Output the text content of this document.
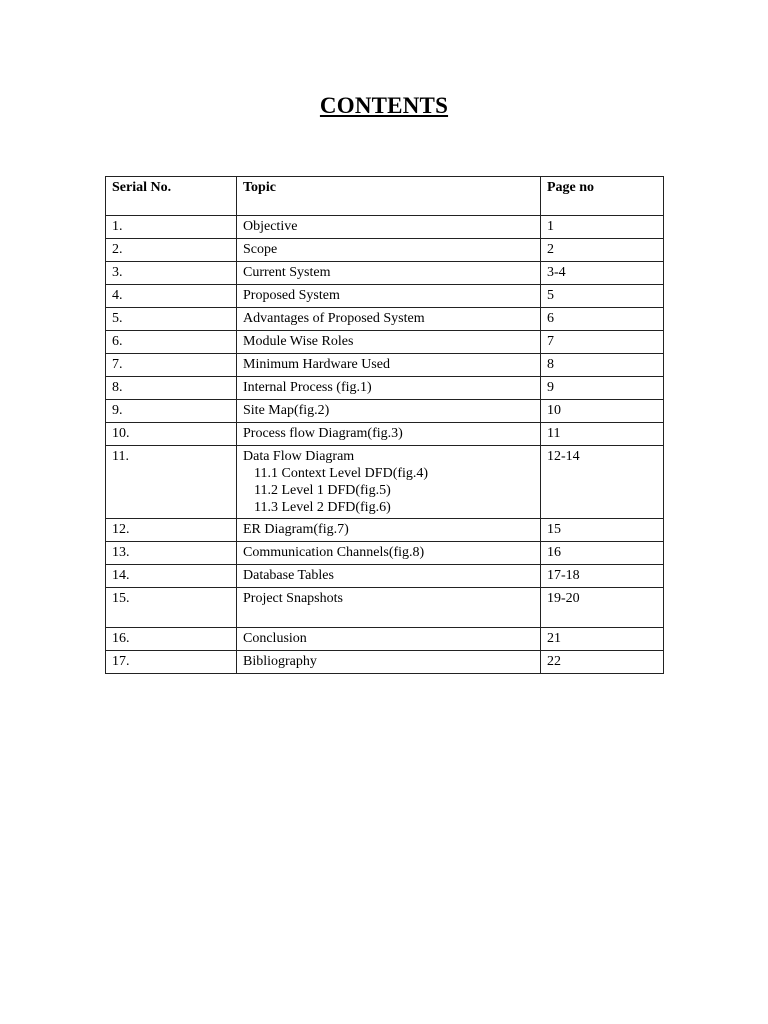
CONTENTS
Serial No.	Topic	Page no
1.	Objective	1
2.	Scope	2
3.	Current System	3-4
4.	Proposed System	5
5.	Advantages of Proposed System	6
6.	Module Wise Roles	7
7.	Minimum Hardware Used	8
8.	Internal Process (fig.1)	9
9.	Site Map(fig.2)	10
10.	Process flow Diagram(fig.3)	11
11.	Data Flow Diagram
11.1 Context Level DFD(fig.4)
11.2 Level 1 DFD(fig.5)
11.3 Level 2 DFD(fig.6)	12-14
12.	ER Diagram(fig.7)	15
13.	Communication Channels(fig.8)	16
14.	Database Tables	17-18
15.	Project Snapshots	19-20
16.	Conclusion	21
17.	Bibliography	22
